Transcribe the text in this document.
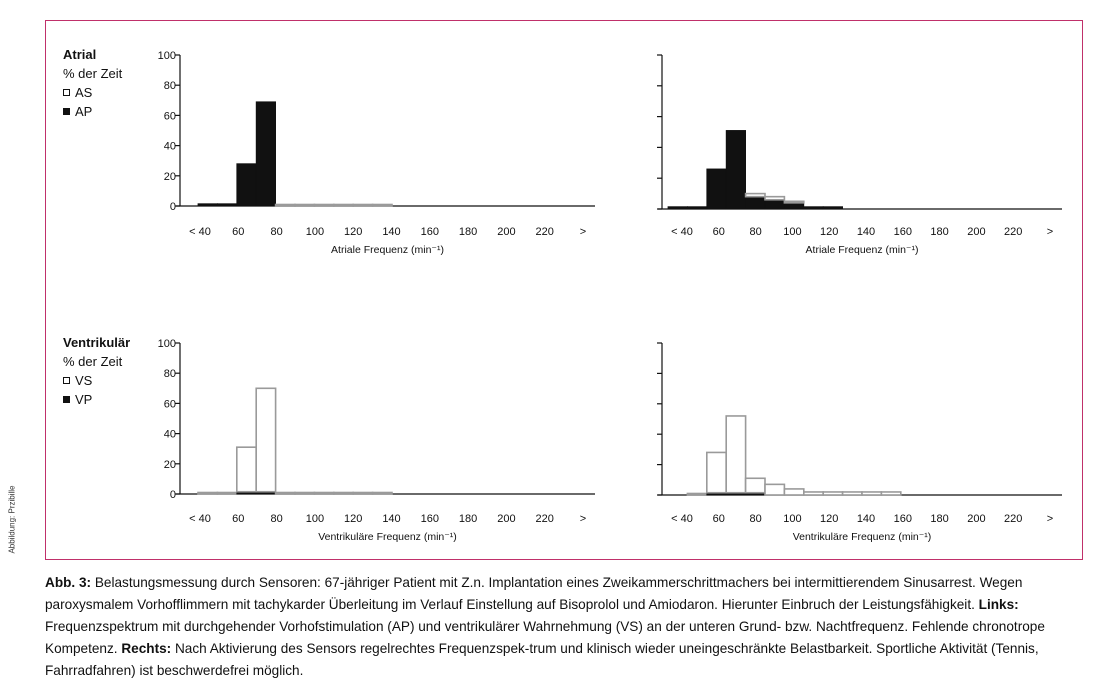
Abbildung: Przibille
Atrial
% der Zeit
AS
AP
Ventrikulär
% der Zeit
VS
VP
0
20
40
60
80
100
< 40 60 80 100 120 140 160 180 200 220 >
Atriale Frequenz (min⁻¹)
< 40 60 80 100 120 140 160 180 200 220 >
Atriale Frequenz (min⁻¹)
0
20
40
60
80
100
< 40 60 80 100 120 140 160 180 200 220 >
Ventrikuläre Frequenz (min⁻¹)
< 40 60 80 100 120 140 160 180 200 220 >
Ventrikuläre Frequenz (min⁻¹)
Abb. 3: Belastungsmessung durch Sensoren: 67-jähriger Patient mit Z.n. Implantation eines Zweikammerschrittmachers bei intermittierendem Sinusarrest. Wegen paroxysmalem Vorhofflimmern mit tachykarder Überleitung im Verlauf Einstellung auf Bisoprolol und Amiodaron. Hierunter Einbruch der Leistungsfähigkeit. Links: Frequenzspektrum mit durchgehender Vorhofstimulation (AP) und ventrikulärer Wahrnehmung (VS) an der unteren Grund- bzw. Nachtfrequenz. Fehlende chronotrope Kompetenz. Rechts: Nach Aktivierung des Sensors regelrechtes Frequenzspek-trum und klinisch wieder uneingeschränkte Belastbarkeit. Sportliche Aktivität (Tennis, Fahrradfahren) ist beschwerdefrei möglich.
